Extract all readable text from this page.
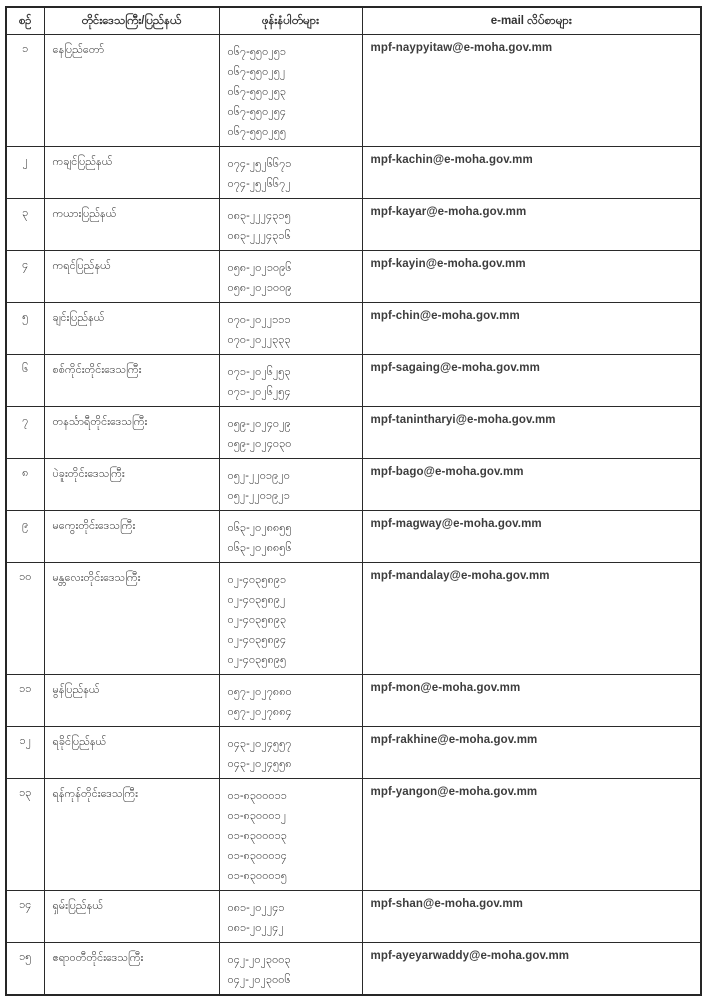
စဉ်	တိုင်းဒေသကြီး/ပြည်နယ်	ဖုန်းနံပါတ်များ	e-mail လိပ်စာများ
၁	နေပြည်တော်	၀၆၇-၅၅၀၂၅၁
၀၆၇-၅၅၀၂၅၂
၀၆၇-၅၅၀၂၅၃
၀၆၇-၅၅၀၂၅၄
၀၆၇-၅၅၀၂၅၅	mpf-naypyitaw@e-moha.gov.mm
၂	ကချင်ပြည်နယ်	၀၇၄-၂၅၂၆၆၇၁
၀၇၄-၂၅၂၆၆၇၂	mpf-kachin@e-moha.gov.mm
၃	ကယားပြည်နယ်	၀၈၃-၂၂၂၄၃၁၅
၀၈၃-၂၂၂၄၃၁၆	mpf-kayar@e-moha.gov.mm
၄	ကရင်ပြည်နယ်	၀၅၈-၂၀၂၁၀၉၆
၀၅၈-၂၀၂၁၀၀၉	mpf-kayin@e-moha.gov.mm
၅	ချင်းပြည်နယ်	၀၇၀-၂၀၂၂၁၁၁
၀၇၀-၂၀၂၂၃၃၃	mpf-chin@e-moha.gov.mm
၆	စစ်ကိုင်းတိုင်းဒေသကြီး	၀၇၁-၂၀၂၆၂၅၃
၀၇၁-၂၀၂၆၂၅၄	mpf-sagaing@e-moha.gov.mm
၇	တနင်္သာရီတိုင်းဒေသကြီး	၀၅၉-၂၀၂၄၀၂၉
၀၅၉-၂၀၂၄၀၃၀	mpf-tanintharyi@e-moha.gov.mm
၈	ပဲခူးတိုင်းဒေသကြီး	၀၅၂-၂၂၀၁၉၂၀
၀၅၂-၂၂၀၁၉၂၁	mpf-bago@e-moha.gov.mm
၉	မကွေးတိုင်းဒေသကြီး	၀၆၃-၂၀၂၈၈၅၅
၀၆၃-၂၀၂၈၈၅၆	mpf-magway@e-moha.gov.mm
၁၀	မန္တလေးတိုင်းဒေသကြီး	၀၂-၄၀၃၅၈၉၁
၀၂-၄၀၃၅၈၉၂
၀၂-၄၀၃၅၈၉၃
၀၂-၄၀၃၅၈၉၄
၀၂-၄၀၃၅၈၉၅	mpf-mandalay@e-moha.gov.mm
၁၁	မွန်ပြည်နယ်	၀၅၇-၂၀၂၇၈၈၀
၀၅၇-၂၀၂၇၈၈၄	mpf-mon@e-moha.gov.mm
၁၂	ရခိုင်ပြည်နယ်	၀၄၃-၂၀၂၄၅၅၇
၀၄၃-၂၀၂၄၅၅၈	mpf-rakhine@e-moha.gov.mm
၁၃	ရန်ကုန်တိုင်းဒေသကြီး	၀၁-၈၃၀၀၀၁၁
၀၁-၈၃၀၀၀၁၂
၀၁-၈၃၀၀၀၁၃
၀၁-၈၃၀၀၀၁၄
၀၁-၈၃၀၀၀၁၅	mpf-yangon@e-moha.gov.mm
၁၄	ရှမ်းပြည်နယ်	၀၈၁-၂၀၂၂၄၁
၀၈၁-၂၀၂၂၄၂	mpf-shan@e-moha.gov.mm
၁၅	ဧရာဝတီတိုင်းဒေသကြီး	၀၄၂-၂၀၂၃၀၀၃
၀၄၂-၂၀၂၃၀၀၆	mpf-ayeyarwaddy@e-moha.gov.mm
